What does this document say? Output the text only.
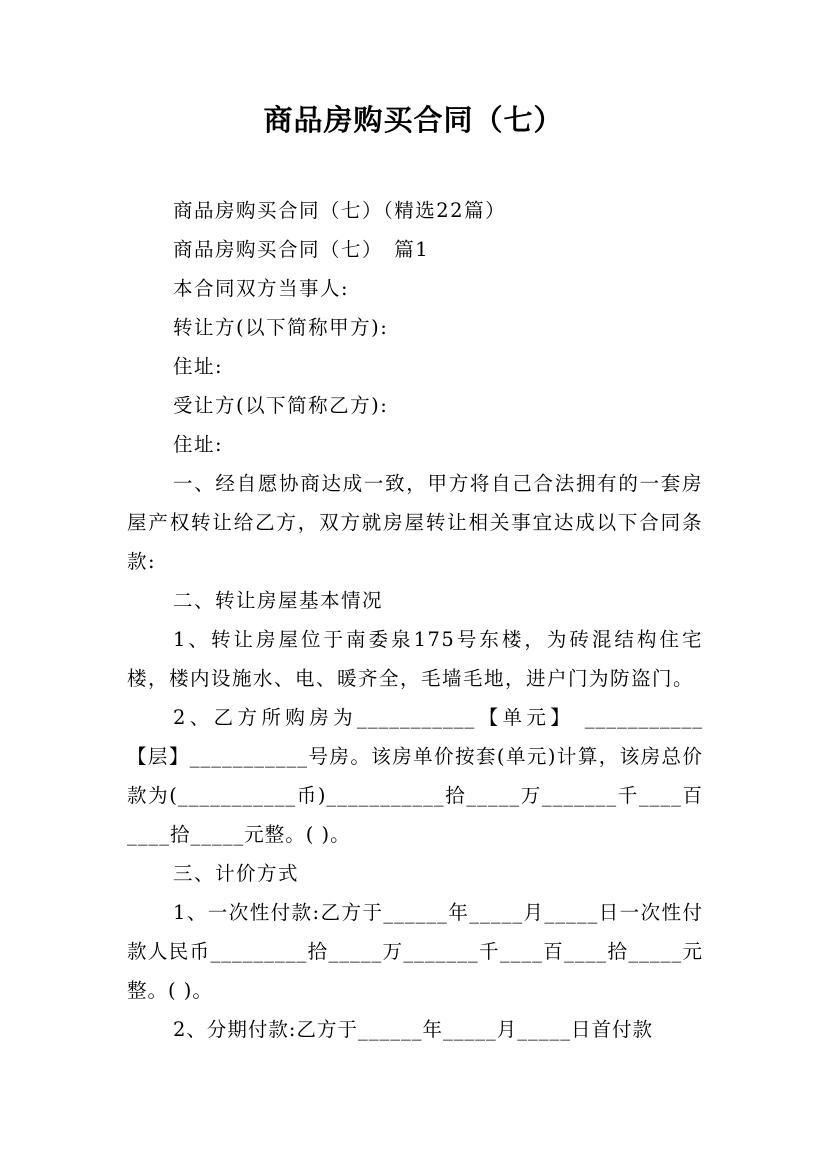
商品房购买合同（七）

商品房购买合同（七）（精选22篇）

商品房购买合同（七）　篇1

本合同双方当事人:

转让方(以下简称甲方):

住址:

受让方(以下简称乙方):

住址:

一、经自愿协商达成一致，甲方将自己合法拥有的一套房屋产权转让给乙方，双方就房屋转让相关事宜达成以下合同条款:

二、转让房屋基本情况

1、转让房屋位于南委泉175号东楼，为砖混结构住宅楼，楼内设施水、电、暖齐全，毛墙毛地，进户门为防盗门。

2、乙方所购房为___________【单元】 ___________【层】___________号房。该房单价按套(单元)计算，该房总价款为(___________币)___________拾_____万_______千____百____拾_____元整。( )。

三、计价方式

1、一次性付款:乙方于______年_____月_____日一次性付款人民币_________拾_____万_______千____百____拾_____元整。( )。

2、分期付款:乙方于______年_____月_____日首付款
